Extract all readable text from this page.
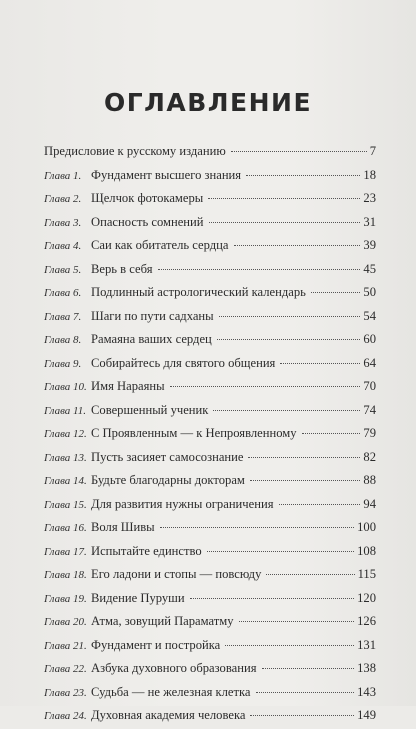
ОГЛАВЛЕНИЕ
Предисловие к русскому изданию	7
Глава 1. Фундамент высшего знания	18
Глава 2. Щелчок фотокамеры	23
Глава 3. Опасность сомнений	31
Глава 4. Саи как обитатель сердца	39
Глава 5. Верь в себя	45
Глава 6. Подлинный астрологический календарь	50
Глава 7. Шаги по пути садханы	54
Глава 8. Рамаяна ваших сердец	60
Глава 9. Собирайтесь для святого общения	64
Глава 10. Имя Нараяны	70
Глава 11. Совершенный ученик	74
Глава 12. С Проявленным — к Непроявленному	79
Глава 13. Пусть засияет самосознание	82
Глава 14. Будьте благодарны докторам	88
Глава 15. Для развития нужны ограничения	94
Глава 16. Воля Шивы	100
Глава 17. Испытайте единство	108
Глава 18. Его ладони и стопы — повсюду	115
Глава 19. Видение Пуруши	120
Глава 20. Атма, зовущий Параматму	126
Глава 21. Фундамент и постройка	131
Глава 22. Азбука духовного образования	138
Глава 23. Судьба — не железная клетка	143
Глава 24. Духовная академия человека	149
